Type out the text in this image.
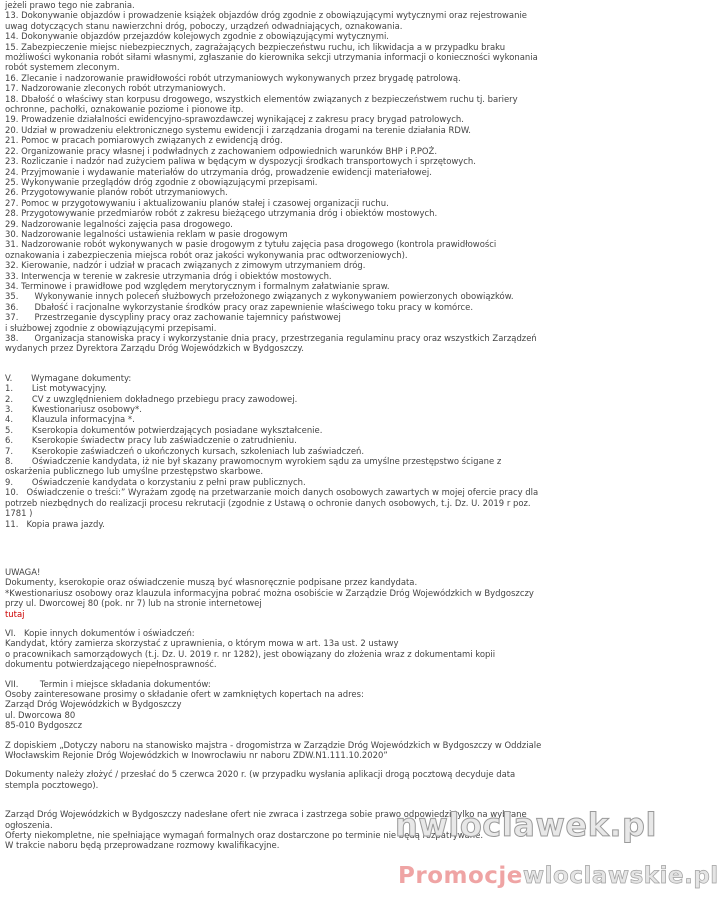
jeżeli prawo tego nie zabrania.
13. Dokonywanie objazdów i prowadzenie książek objazdów dróg zgodnie z obowiązującymi wytycznymi oraz rejestrowanie
uwag dotyczących stanu nawierzchni dróg, poboczy, urządzeń odwadniających, oznakowania.
14. Dokonywanie objazdów przejazdów kolejowych zgodnie z obowiązującymi wytycznymi.
15. Zabezpieczenie miejsc niebezpiecznych, zagrażających bezpieczeństwu ruchu, ich likwidacja a w przypadku braku
możliwości wykonania robót siłami własnymi, zgłaszanie do kierownika sekcji utrzymania informacji o konieczności wykonania
robót systemem zleconym.
16. Zlecanie i nadzorowanie prawidłowości robót utrzymaniowych wykonywanych przez brygadę patrolową.
17. Nadzorowanie zleconych robót utrzymaniowych.
18. Dbałość o właściwy stan korpusu drogowego, wszystkich elementów związanych z bezpieczeństwem ruchu tj. bariery
ochronne, pachołki, oznakowanie poziome i pionowe itp.
19. Prowadzenie działalności ewidencyjno-sprawozdawczej wynikającej z zakresu pracy brygad patrolowych.
20. Udział w prowadzeniu elektronicznego systemu ewidencji i zarządzania drogami na terenie działania RDW.
21. Pomoc w pracach pomiarowych związanych z ewidencją dróg.
22. Organizowanie pracy własnej i podwładnych z zachowaniem odpowiednich warunków BHP i P.POŻ.
23. Rozliczanie i nadzór nad zużyciem paliwa w będącym w dyspozycji środkach transportowych i sprzętowych.
24. Przyjmowanie i wydawanie materiałów do utrzymania dróg, prowadzenie ewidencji materiałowej.
25. Wykonywanie przeglądów dróg zgodnie z obowiązującymi przepisami.
26. Przygotowywanie planów robót utrzymaniowych.
27. Pomoc w przygotowywaniu i aktualizowaniu planów stałej i czasowej organizacji ruchu.
28. Przygotowywanie przedmiarów robót z zakresu bieżącego utrzymania dróg i obiektów mostowych.
29. Nadzorowanie legalności zajęcia pasa drogowego.
30. Nadzorowanie legalności ustawienia reklam w pasie drogowym
31. Nadzorowanie robót wykonywanych w pasie drogowym z tytułu zajęcia pasa drogowego (kontrola prawidłowości
oznakowania i zabezpieczenia miejsca robót oraz jakości wykonywania prac odtworzeniowych).
32. Kierowanie, nadzór i udział w pracach związanych z zimowym utrzymaniem dróg.
33. Interwencja w terenie w zakresie utrzymania dróg i obiektów mostowych.
34. Terminowe i prawidłowe pod względem merytorycznym i formalnym załatwianie spraw.
35.      Wykonywanie innych poleceń służbowych przełożonego związanych z wykonywaniem powierzonych obowiązków.
36.      Dbałość i racjonalne wykorzystanie środków pracy oraz zapewnienie właściwego toku pracy w komórce.
37.      Przestrzeganie dyscypliny pracy oraz zachowanie tajemnicy państwowej
i służbowej zgodnie z obowiązującymi przepisami.
38.      Organizacja stanowiska pracy i wykorzystanie dnia pracy, przestrzegania regulaminu pracy oraz wszystkich Zarządzeń
wydanych przez Dyrektora Zarządu Dróg Wojewódzkich w Bydgoszczy.
V.       Wymagane dokumenty:
1.       List motywacyjny.
2.       CV z uwzględnieniem dokładnego przebiegu pracy zawodowej.
3.       Kwestionariusz osobowy*.
4.       Klauzula informacyjna *.
5.       Kserokopia dokumentów potwierdzających posiadane wykształcenie.
6.       Kserokopie świadectw pracy lub zaświadczenie o zatrudnieniu.
7.       Kserokopie zaświadczeń o ukończonych kursach, szkoleniach lub zaświadczeń.
8.       Oświadczenie kandydata, iż nie był skazany prawomocnym wyrokiem sądu za umyślne przestępstwo ścigane z
oskarżenia publicznego lub umyślne przestępstwo skarbowe.
9.       Oświadczenie kandydata o korzystaniu z pełni praw publicznych.
10.   Oświadczenie o treści:” Wyrażam zgodę na przetwarzanie moich danych osobowych zawartych w mojej ofercie pracy dla
potrzeb niezbędnych do realizacji procesu rekrutacji (zgodnie z Ustawą o ochronie danych osobowych, t.j. Dz. U. 2019 r poz.
1781 )
11.   Kopia prawa jazdy.
UWAGA!
Dokumenty, kserokopie oraz oświadczenie muszą być własnoręcznie podpisane przez kandydata.
*Kwestionariusz osobowy oraz klauzula informacyjna pobrać można osobiście w Zarządzie Dróg Wojewódzkich w Bydgoszczy
przy ul. Dworcowej 80 (pok. nr 7) lub na stronie internetowej
tutaj
VI.   Kopie innych dokumentów i oświadczeń:
Kandydat, który zamierza skorzystać z uprawnienia, o którym mowa w art. 13a ust. 2 ustawy
o pracownikach samorządowych (t.j. Dz. U. 2019 r. nr 1282), jest obowiązany do złożenia wraz z dokumentami kopii
dokumentu potwierdzającego niepełnosprawność.
VII.        Termin i miejsce składania dokumentów:
Osoby zainteresowane prosimy o składanie ofert w zamkniętych kopertach na adres:
Zarząd Dróg Wojewódzkich w Bydgoszczy
ul. Dworcowa 80
85-010 Bydgoszcz
Z dopiskiem „Dotyczy naboru na stanowisko majstra - drogomistrza w Zarządzie Dróg Wojewódzkich w Bydgoszczy w Oddziale
Włocławskim Rejonie Dróg Wojewódzkich w Inowrocławiu nr naboru ZDW.N1.111.10.2020”
Dokumenty należy złożyć / przesłać do 5 czerwca 2020 r. (w przypadku wysłania aplikacji drogą pocztową decyduje data
stempla pocztowego).
Zarząd Dróg Wojewódzkich w Bydgoszczy nadesłane ofert nie zwraca i zastrzega sobie prawo odpowiedzi tylko na wybrane
ogłoszenia.
Oferty niekompletne, nie spełniające wymagań formalnych oraz dostarczone po terminie nie będą rozpatrywane.
W trakcie naboru będą przeprowadzane rozmowy kwalifikacyjne.
nwloclawek.pl
Promocjewloclawskie.pl
